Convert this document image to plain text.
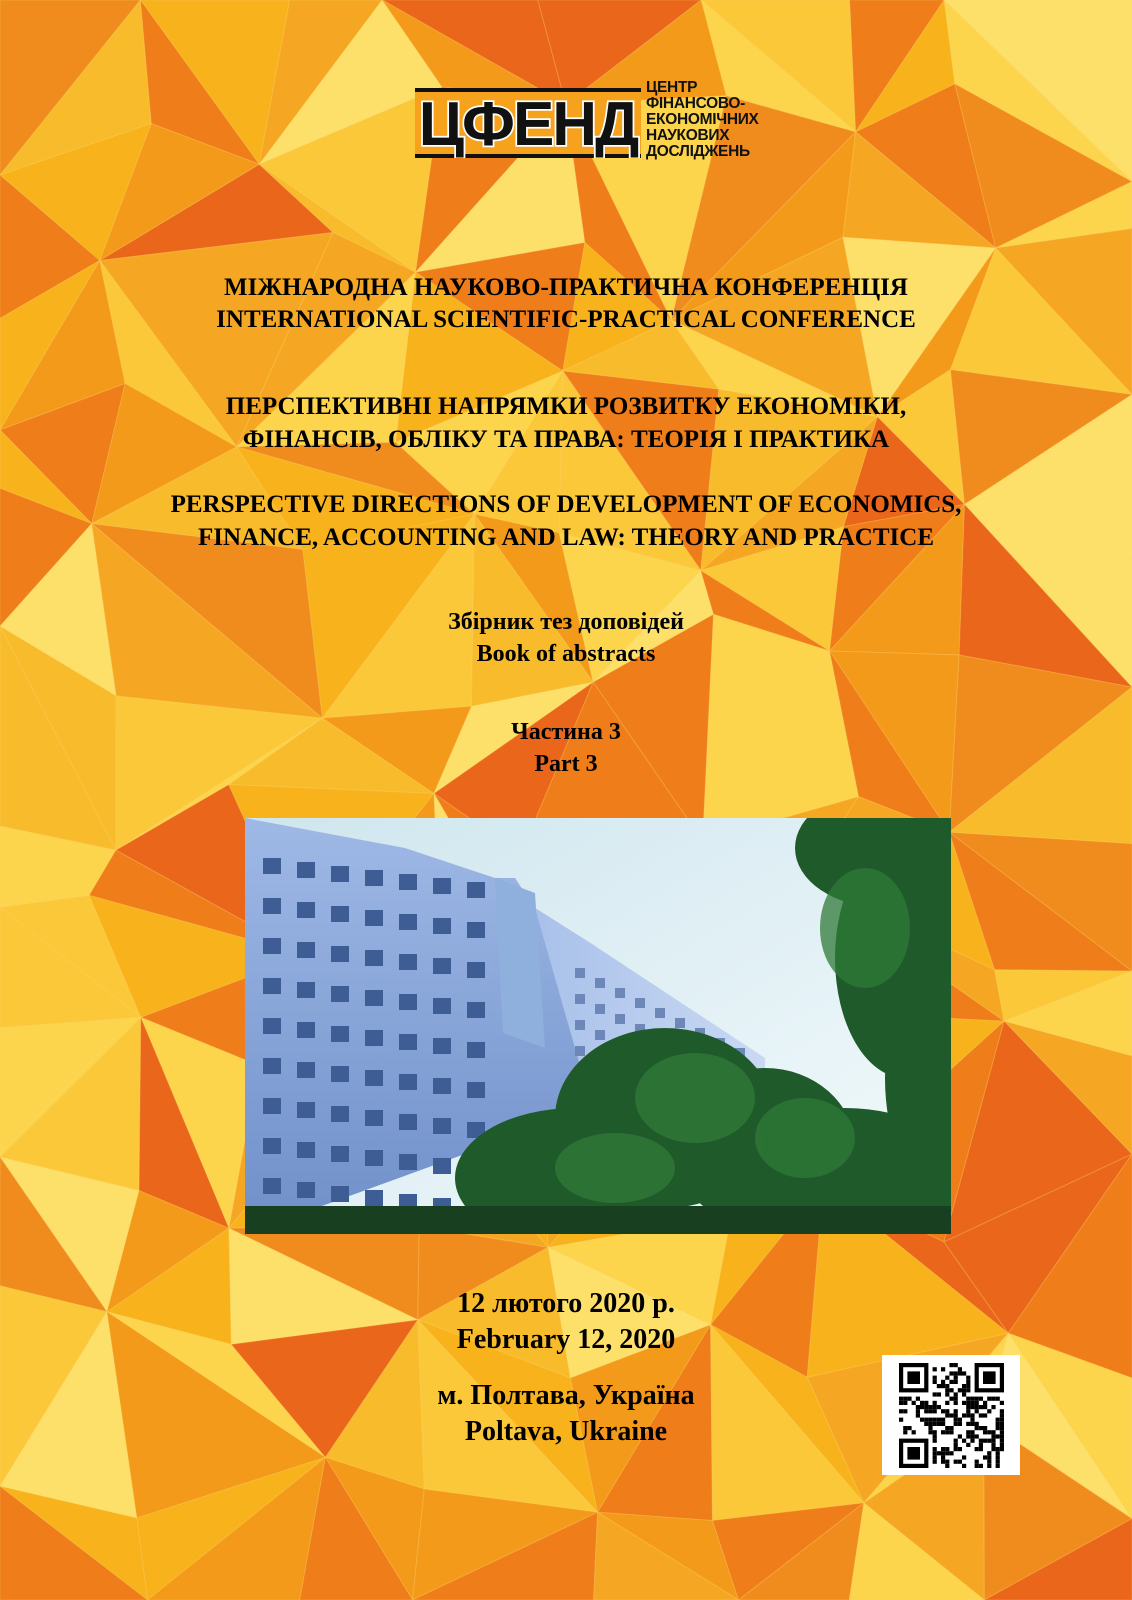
ЦФЕНД
ЦЕНТР
ФІНАНСОВО-
ЕКОНОМІЧНИХ
НАУКОВИХ
ДОСЛІДЖЕНЬ
МІЖНАРОДНА НАУКОВО-ПРАКТИЧНА КОНФЕРЕНЦІЯ
INTERNATIONAL SCIENTIFIC-PRACTICAL CONFERENCE
ПЕРСПЕКТИВНІ НАПРЯМКИ РОЗВИТКУ ЕКОНОМІКИ,
ФІНАНСІВ, ОБЛІКУ ТА ПРАВА: ТЕОРІЯ І ПРАКТИКА
PERSPECTIVE DIRECTIONS OF DEVELOPMENT OF ECONOMICS,
FINANCE, ACCOUNTING AND LAW: THEORY AND PRACTICE
Збірник тез доповідей
Book of abstracts
Частина 3
Part 3
12 лютого 2020 р.
February 12, 2020
м. Полтава, Україна
Poltava, Ukraine
